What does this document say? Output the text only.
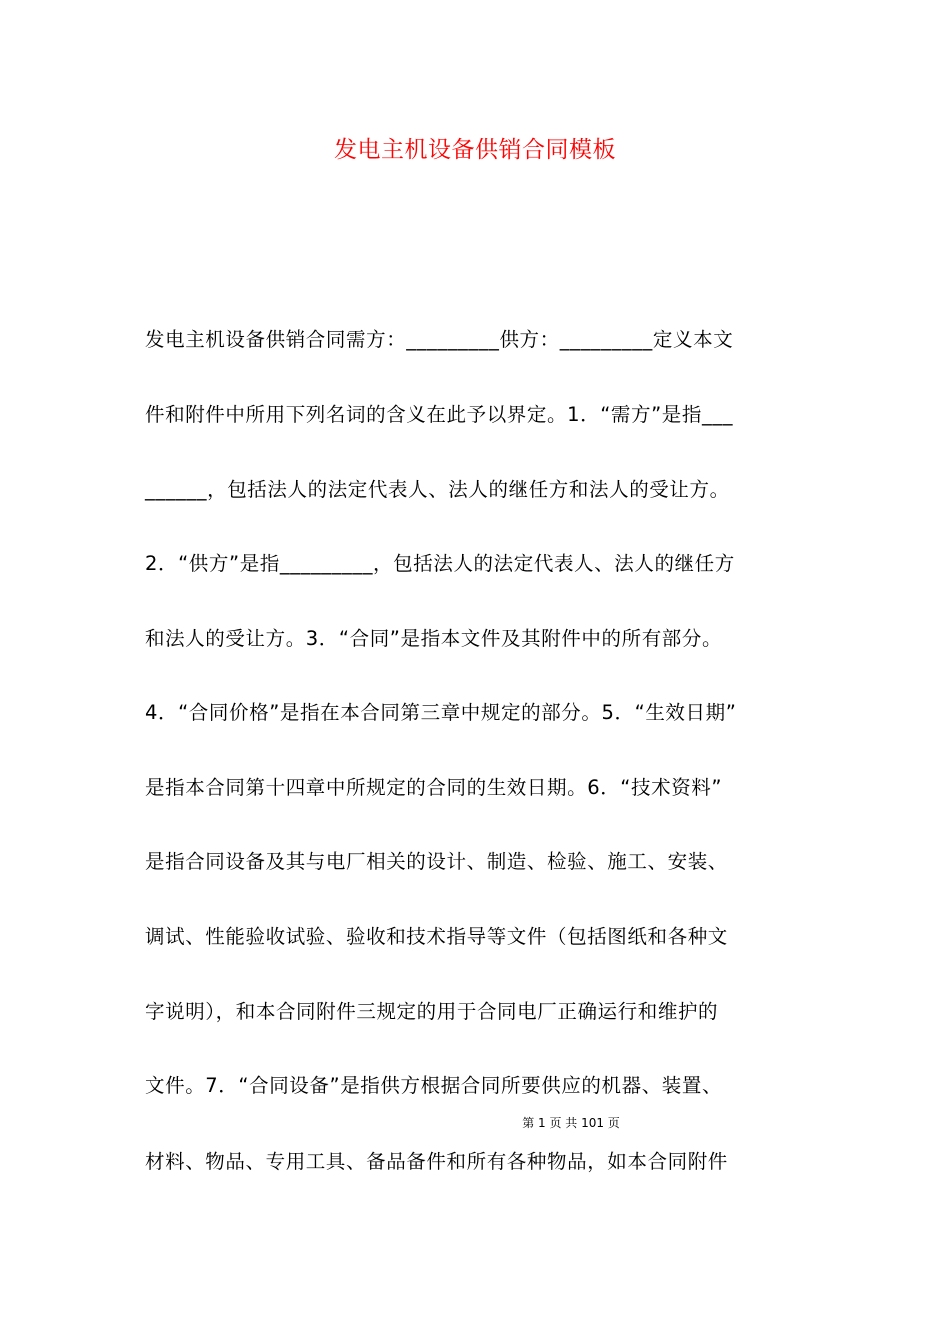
发电主机设备供销合同模板
发电主机设备供销合同需方：_________供方：_________定义本文
件和附件中所用下列名词的含义在此予以界定。1．“需方”是指___
______，包括法人的法定代表人、法人的继任方和法人的受让方。
2．“供方”是指_________，包括法人的法定代表人、法人的继任方
和法人的受让方。3．“合同”是指本文件及其附件中的所有部分。
4．“合同价格”是指在本合同第三章中规定的部分。5．“生效日期”
是指本合同第十四章中所规定的合同的生效日期。6．“技术资料”
是指合同设备及其与电厂相关的设计、制造、检验、施工、安装、
调试、性能验收试验、验收和技术指导等文件（包括图纸和各种文
字说明），和本合同附件三规定的用于合同电厂正确运行和维护的
文件。7．“合同设备”是指供方根据合同所要供应的机器、装置、
第 1 页 共 101 页
材料、物品、专用工具、备品备件和所有各种物品，如本合同附件
